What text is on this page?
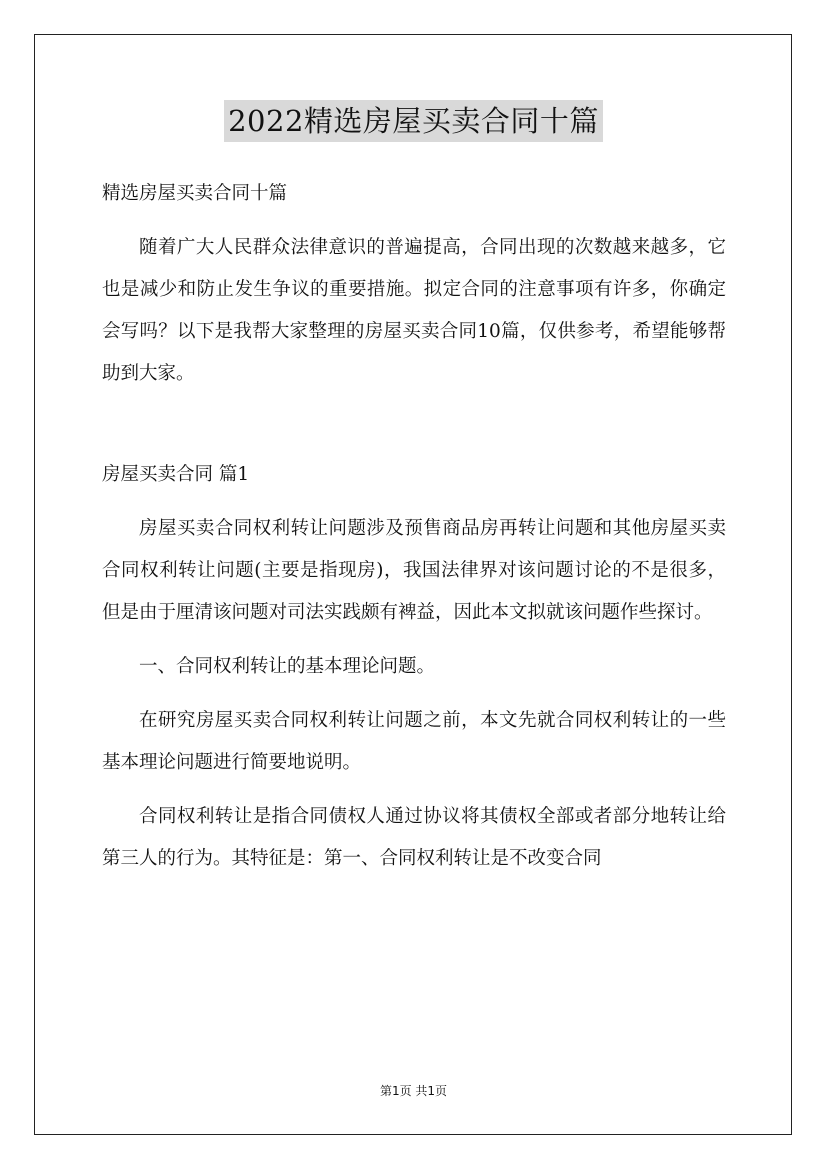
2022精选房屋买卖合同十篇

精选房屋买卖合同十篇

随着广大人民群众法律意识的普遍提高，合同出现的次数越来越多，它也是减少和防止发生争议的重要措施。拟定合同的注意事项有许多，你确定会写吗？以下是我帮大家整理的房屋买卖合同10篇，仅供参考，希望能够帮助到大家。

房屋买卖合同 篇1

房屋买卖合同权利转让问题涉及预售商品房再转让问题和其他房屋买卖合同权利转让问题(主要是指现房)，我国法律界对该问题讨论的不是很多，但是由于厘清该问题对司法实践颇有裨益，因此本文拟就该问题作些探讨。

一、合同权利转让的基本理论问题。

在研究房屋买卖合同权利转让问题之前，本文先就合同权利转让的一些基本理论问题进行简要地说明。

合同权利转让是指合同债权人通过协议将其债权全部或者部分地转让给第三人的行为。其特征是：第一、合同权利转让是不改变合同

第1页 共1页
